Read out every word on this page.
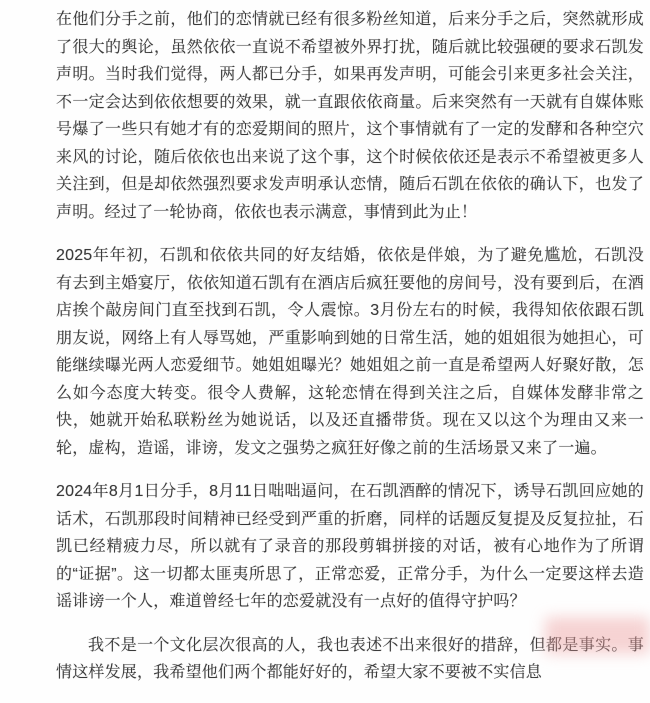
在他们分手之前，他们的恋情就已经有很多粉丝知道，后来分手之后，突然就形成
了很大的舆论，虽然依依一直说不希望被外界打扰，随后就比较强硬的要求石凯发
声明。当时我们觉得，两人都已分手，如果再发声明，可能会引来更多社会关注，
不一定会达到依依想要的效果，就一直跟依依商量。后来突然有一天就有自媒体账
号爆了一些只有她才有的恋爱期间的照片，这个事情就有了一定的发酵和各种空穴
来风的讨论，随后依依也出来说了这个事，这个时候依依还是表示不希望被更多人
关注到，但是却依然强烈要求发声明承认恋情，随后石凯在依依的确认下，也发了
声明。经过了一轮协商，依依也表示满意，事情到此为止！
2025年年初，石凯和依依共同的好友结婚，依依是伴娘，为了避免尴尬，石凯没
有去到主婚宴厅，依依知道石凯有在酒店后疯狂要他的房间号，没有要到后，在酒
店挨个敲房间门直至找到石凯，令人震惊。3月份左右的时候，我得知依依跟石凯
朋友说，网络上有人辱骂她，严重影响到她的日常生活，她的姐姐很为她担心，可
能继续曝光两人恋爱细节。她姐姐曝光？她姐姐之前一直是希望两人好聚好散，怎
么如今态度大转变。很令人费解，这轮恋情在得到关注之后，自媒体发酵非常之
快，她就开始私联粉丝为她说话，以及还直播带货。现在又以这个为理由又来一
轮，虚构，造谣，诽谤，发文之强势之疯狂好像之前的生活场景又来了一遍。
2024年8月1日分手，8月11日咄咄逼问，在石凯酒醉的情况下，诱导石凯回应她的
话术，石凯那段时间精神已经受到严重的折磨，同样的话题反复提及反复拉扯，石
凯已经精疲力尽，所以就有了录音的那段剪辑拼接的对话，被有心地作为了所谓
的“证据”。这一切都太匪夷所思了，正常恋爱，正常分手，为什么一定要这样去造
谣诽谤一个人，难道曾经七年的恋爱就没有一点好的值得守护吗？
我不是一个文化层次很高的人，我也表述不出来很好的措辞，但都是事实。事
情这样发展，我希望他们两个都能好好的，希望大家不要被不实信息
